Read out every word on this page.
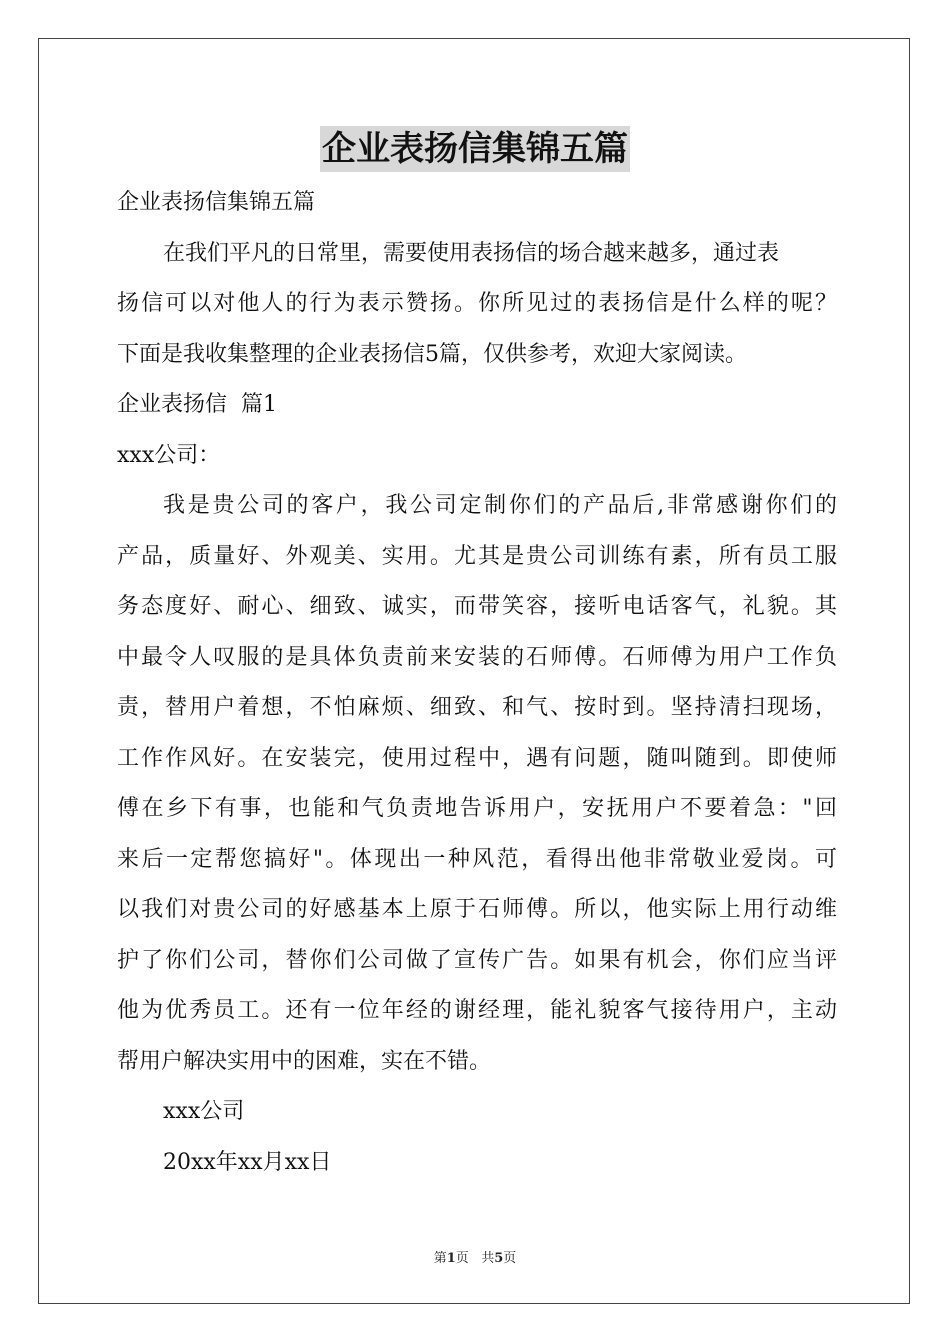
企业表扬信集锦五篇
企业表扬信集锦五篇
在我们平凡的日常里，需要使用表扬信的场合越来越多，通过表
扬信可以对他人的行为表示赞扬。你所见过的表扬信是什么样的呢？
下面是我收集整理的企业表扬信5篇，仅供参考，欢迎大家阅读。
企业表扬信  篇1
xxx公司：
我是贵公司的客户，我公司定制你们的产品后,非常感谢你们的
产品，质量好、外观美、实用。尤其是贵公司训练有素，所有员工服
务态度好、耐心、细致、诚实，而带笑容，接听电话客气，礼貌。其
中最令人叹服的是具体负责前来安装的石师傅。石师傅为用户工作负
责，替用户着想，不怕麻烦、细致、和气、按时到。坚持清扫现场，
工作作风好。在安装完，使用过程中，遇有问题，随叫随到。即使师
傅在乡下有事，也能和气负责地告诉用户，安抚用户不要着急："回
来后一定帮您搞好"。体现出一种风范，看得出他非常敬业爱岗。可
以我们对贵公司的好感基本上原于石师傅。所以，他实际上用行动维
护了你们公司，替你们公司做了宣传广告。如果有机会，你们应当评
他为优秀员工。还有一位年经的谢经理，能礼貌客气接待用户，主动
帮用户解决实用中的困难，实在不错。
xxx公司
20xx年xx月xx日
第1页 共5页
